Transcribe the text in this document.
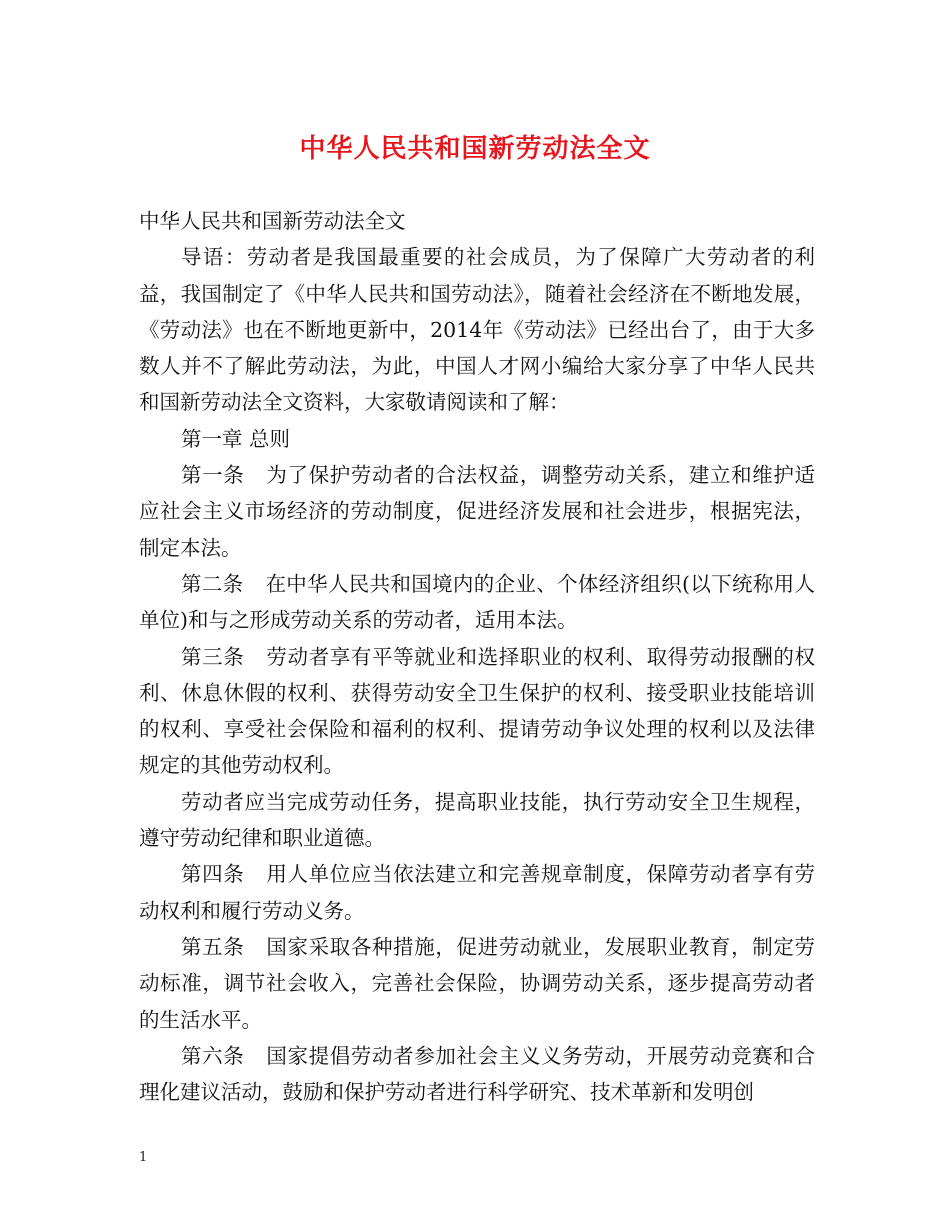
中华人民共和国新劳动法全文

中华人民共和国新劳动法全文

导语：劳动者是我国最重要的社会成员，为了保障广大劳动者的利益，我国制定了《中华人民共和国劳动法》，随着社会经济在不断地发展，《劳动法》也在不断地更新中，2014年《劳动法》已经出台了，由于大多数人并不了解此劳动法，为此，中国人才网小编给大家分享了中华人民共和国新劳动法全文资料，大家敬请阅读和了解：

第一章 总则

第一条 为了保护劳动者的合法权益，调整劳动关系，建立和维护适应社会主义市场经济的劳动制度，促进经济发展和社会进步，根据宪法，制定本法。

第二条 在中华人民共和国境内的企业、个体经济组织(以下统称用人单位)和与之形成劳动关系的劳动者，适用本法。

第三条 劳动者享有平等就业和选择职业的权利、取得劳动报酬的权利、休息休假的权利、获得劳动安全卫生保护的权利、接受职业技能培训的权利、享受社会保险和福利的权利、提请劳动争议处理的权利以及法律规定的其他劳动权利。

劳动者应当完成劳动任务，提高职业技能，执行劳动安全卫生规程，遵守劳动纪律和职业道德。

第四条 用人单位应当依法建立和完善规章制度，保障劳动者享有劳动权利和履行劳动义务。

第五条 国家采取各种措施，促进劳动就业，发展职业教育，制定劳动标准，调节社会收入，完善社会保险，协调劳动关系，逐步提高劳动者的生活水平。

第六条 国家提倡劳动者参加社会主义义务劳动，开展劳动竞赛和合理化建议活动，鼓励和保护劳动者进行科学研究、技术革新和发明创

1
